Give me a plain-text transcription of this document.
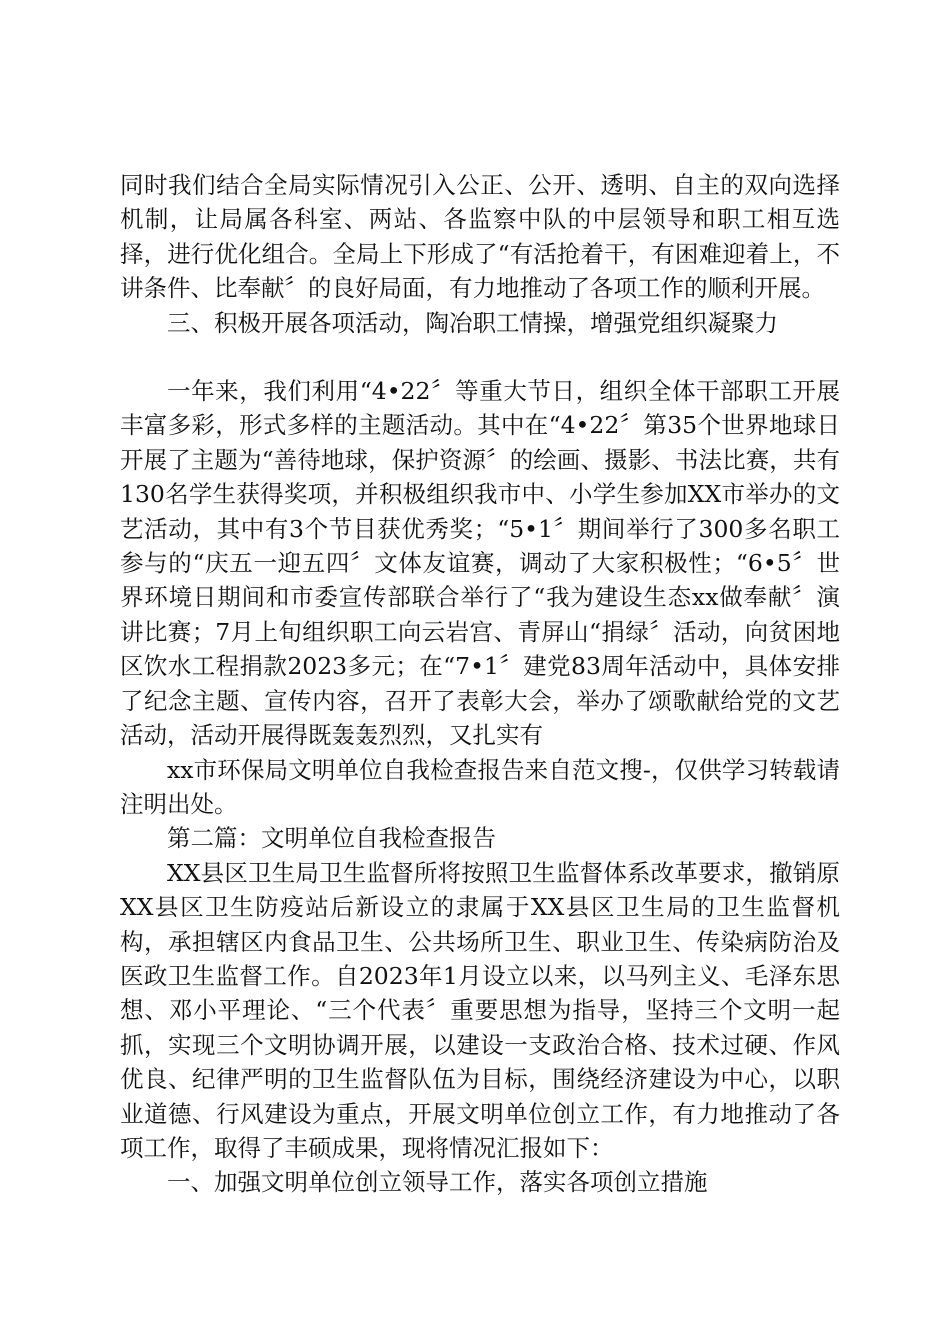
同时我们结合全局实际情况引入公正、公开、透明、自主的双向选择机制，让局属各科室、两站、各监察中队的中层领导和职工相互选择，进行优化组合。全局上下形成了“有活抢着干，有困难迎着上，不讲条件、比奉献〞的良好局面，有力地推动了各项工作的顺利开展。

三、积极开展各项活动，陶冶职工情操，增强党组织凝聚力

一年来，我们利用“4•22〞等重大节日，组织全体干部职工开展丰富多彩，形式多样的主题活动。其中在“4•22〞第35个世界地球日开展了主题为“善待地球，保护资源〞的绘画、摄影、书法比赛，共有130名学生获得奖项，并积极组织我市中、小学生参加XX市举办的文艺活动，其中有3个节目获优秀奖；“5•1〞期间举行了300多名职工参与的“庆五一迎五四〞文体友谊赛，调动了大家积极性；“6•5〞世界环境日期间和市委宣传部联合举行了“我为建设生态xx做奉献〞演讲比赛；7月上旬组织职工向云岩宫、青屏山“捐绿〞活动，向贫困地区饮水工程捐款2023多元；在“7•1〞建党83周年活动中，具体安排了纪念主题、宣传内容，召开了表彰大会，举办了颂歌献给党的文艺活动，活动开展得既轰轰烈烈，又扎实有

xx市环保局文明单位自我检查报告来自范文搜-，仅供学习转载请注明出处。

第二篇：文明单位自我检查报告

XX县区卫生局卫生监督所将按照卫生监督体系改革要求，撤销原XX县区卫生防疫站后新设立的隶属于XX县区卫生局的卫生监督机构，承担辖区内食品卫生、公共场所卫生、职业卫生、传染病防治及医政卫生监督工作。自2023年1月设立以来，以马列主义、毛泽东思想、邓小平理论、“三个代表〞重要思想为指导，坚持三个文明一起抓，实现三个文明协调开展，以建设一支政治合格、技术过硬、作风优良、纪律严明的卫生监督队伍为目标，围绕经济建设为中心，以职业道德、行风建设为重点，开展文明单位创立工作，有力地推动了各项工作，取得了丰硕成果，现将情况汇报如下：

一、加强文明单位创立领导工作，落实各项创立措施
